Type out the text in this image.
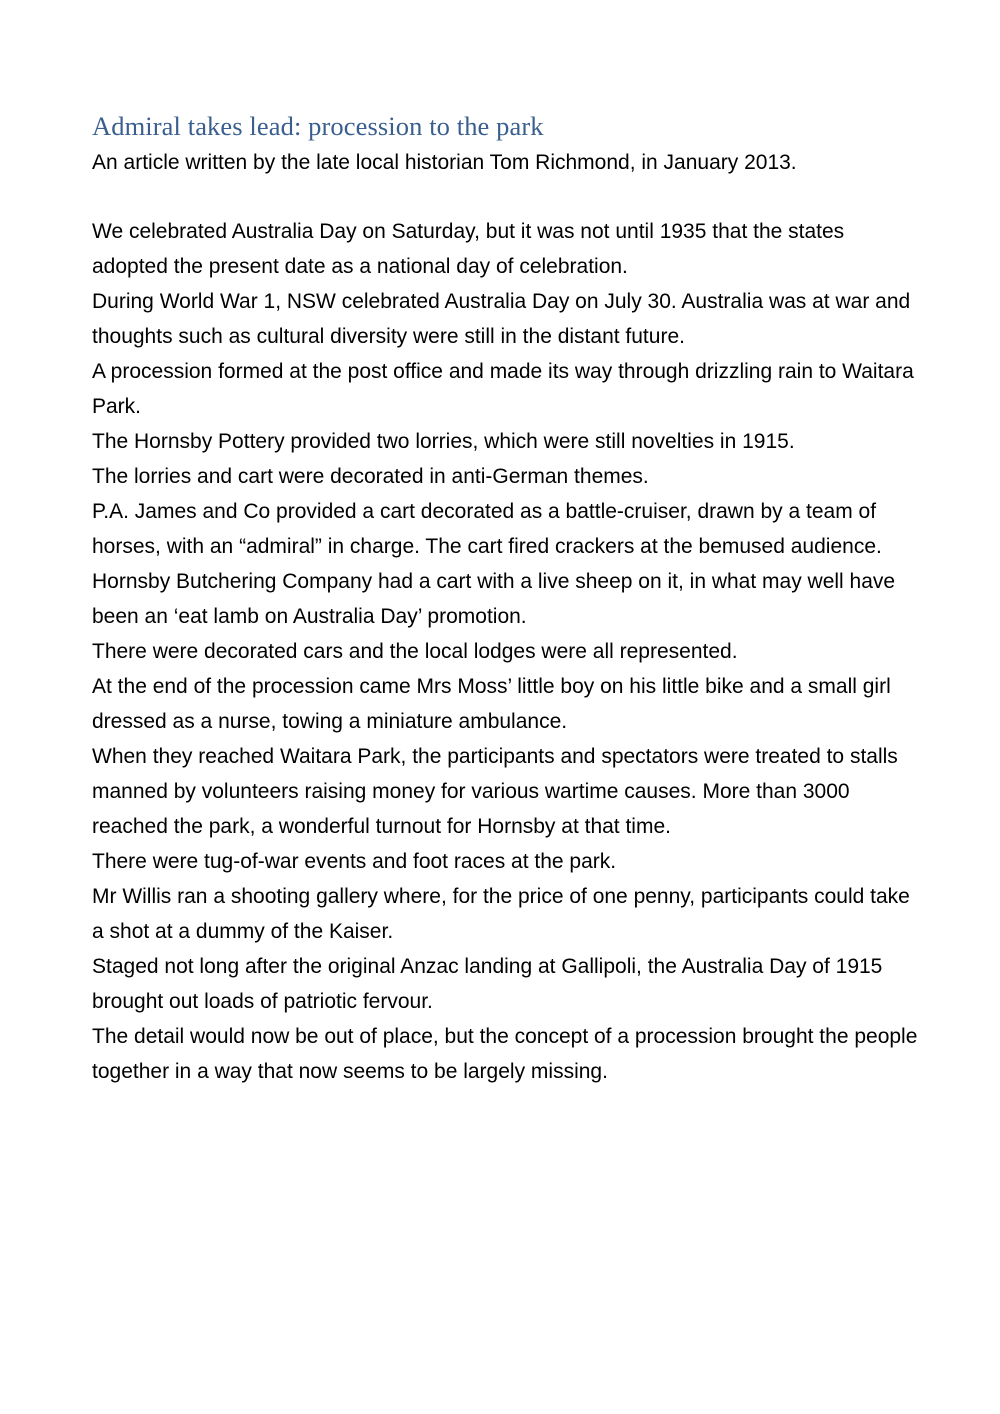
Admiral takes lead: procession to the park

An article written by the late local historian Tom Richmond, in January 2013.

We celebrated Australia Day on Saturday, but it was not until 1935 that the states adopted the present date as a national day of celebration.

During World War 1, NSW celebrated Australia Day on July 30. Australia was at war and thoughts such as cultural diversity were still in the distant future.

A procession formed at the post office and made its way through drizzling rain to Waitara Park.

The Hornsby Pottery provided two lorries, which were still novelties in 1915.

The lorries and cart were decorated in anti-German themes.

P.A. James and Co provided a cart decorated as a battle-cruiser, drawn by a team of horses, with an “admiral” in charge. The cart fired crackers at the bemused audience.

Hornsby Butchering Company had a cart with a live sheep on it, in what may well have been an ‘eat lamb on Australia Day’ promotion.

There were decorated cars and the local lodges were all represented.

At the end of the procession came Mrs Moss’ little boy on his little bike and a small girl dressed as a nurse, towing a miniature ambulance.

When they reached Waitara Park, the participants and spectators were treated to stalls manned by volunteers raising money for various wartime causes. More than 3000 reached the park, a wonderful turnout for Hornsby at that time.

There were tug-of-war events and foot races at the park.

Mr Willis ran a shooting gallery where, for the price of one penny, participants could take a shot at a dummy of the Kaiser.

Staged not long after the original Anzac landing at Gallipoli, the Australia Day of 1915 brought out loads of patriotic fervour.

The detail would now be out of place, but the concept of a procession brought the people together in a way that now seems to be largely missing.
